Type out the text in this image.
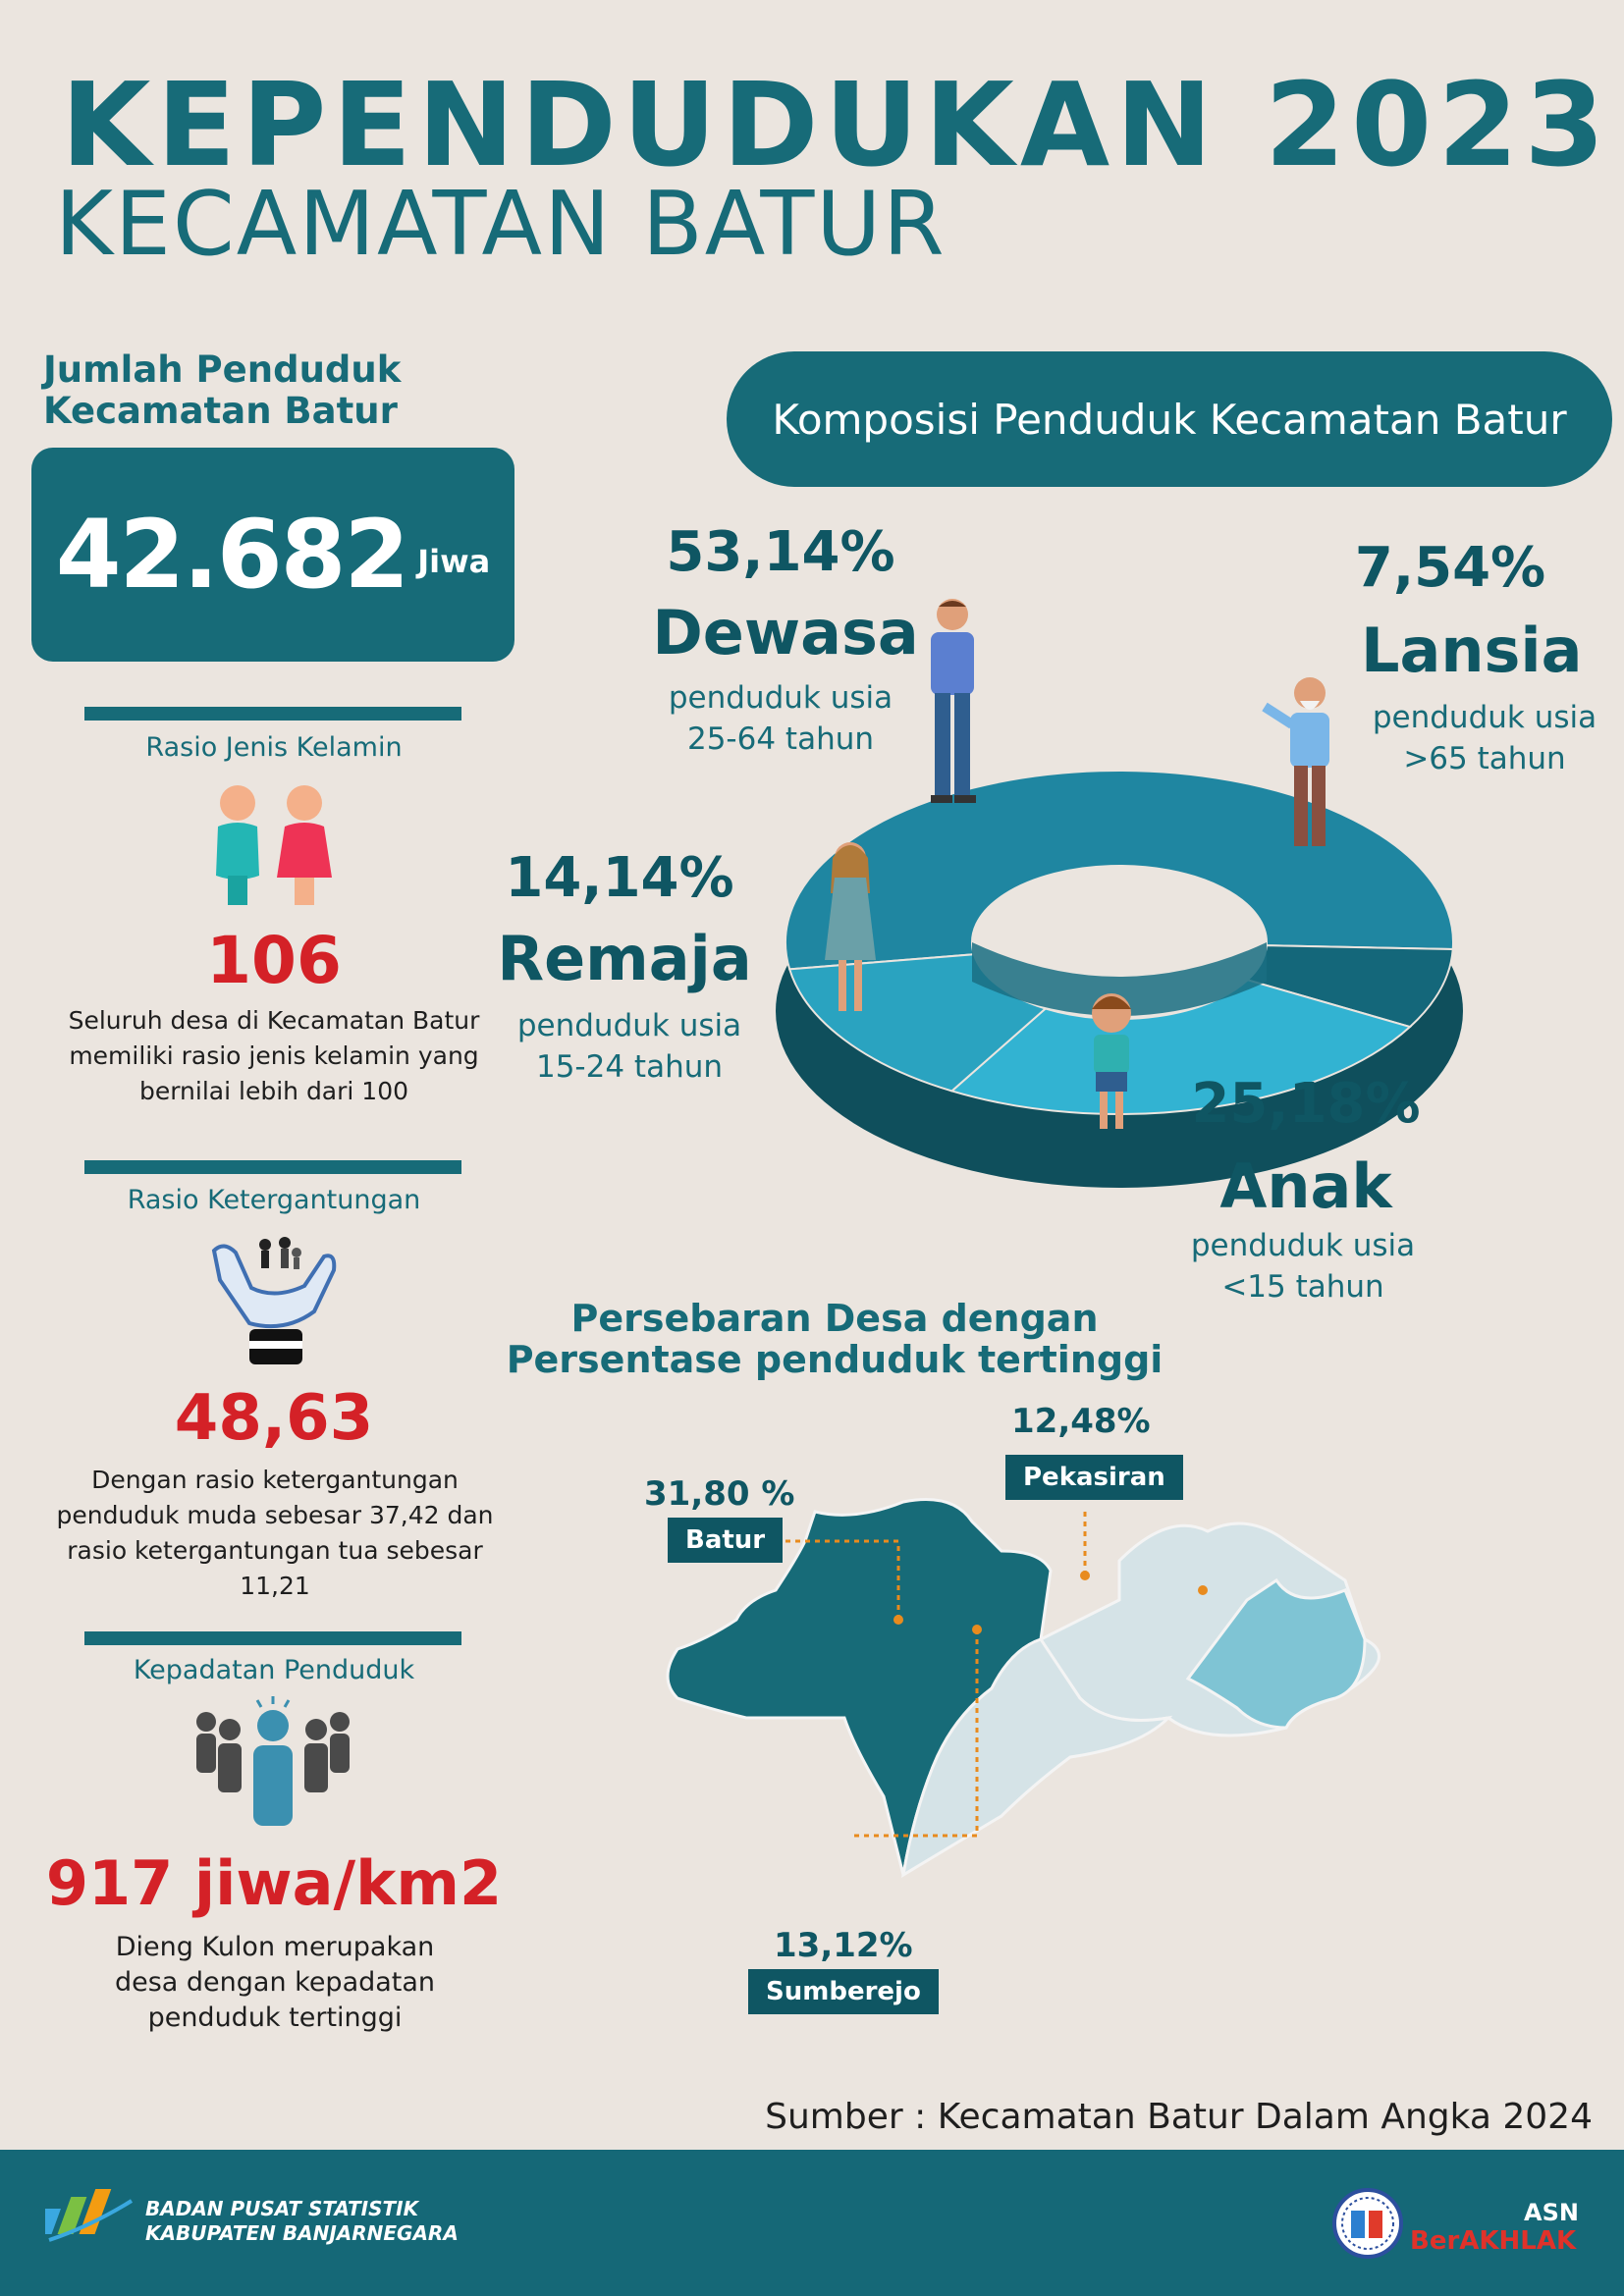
KEPENDUDUKAN 2023
KECAMATAN BATUR
Jumlah Penduduk Kecamatan Batur
42.682 Jiwa
Rasio Jenis Kelamin
106
Seluruh desa di Kecamatan Batur memiliki rasio jenis kelamin yang bernilai lebih dari 100
Rasio Ketergantungan
48,63
Dengan rasio ketergantungan penduduk muda sebesar 37,42 dan rasio ketergantungan tua sebesar 11,21
Kepadatan Penduduk
917 jiwa/km2
Dieng Kulon merupakan desa dengan kepadatan penduduk tertinggi
Komposisi Penduduk Kecamatan Batur
53,14%
Dewasa
penduduk usia 25-64 tahun
7,54%
Lansia
penduduk usia >65 tahun
14,14%
Remaja
penduduk usia 15-24 tahun
25,18%
Anak
penduduk usia <15 tahun
Persebaran Desa dengan Persentase penduduk tertinggi
31,80 %
Batur
12,48%
Pekasiran
13,12%
Sumberejo
Sumber : Kecamatan Batur Dalam Angka 2024
BADAN PUSAT STATISTIK
KABUPATEN BANJARNEGARA
ASN
BerAKHLAK
